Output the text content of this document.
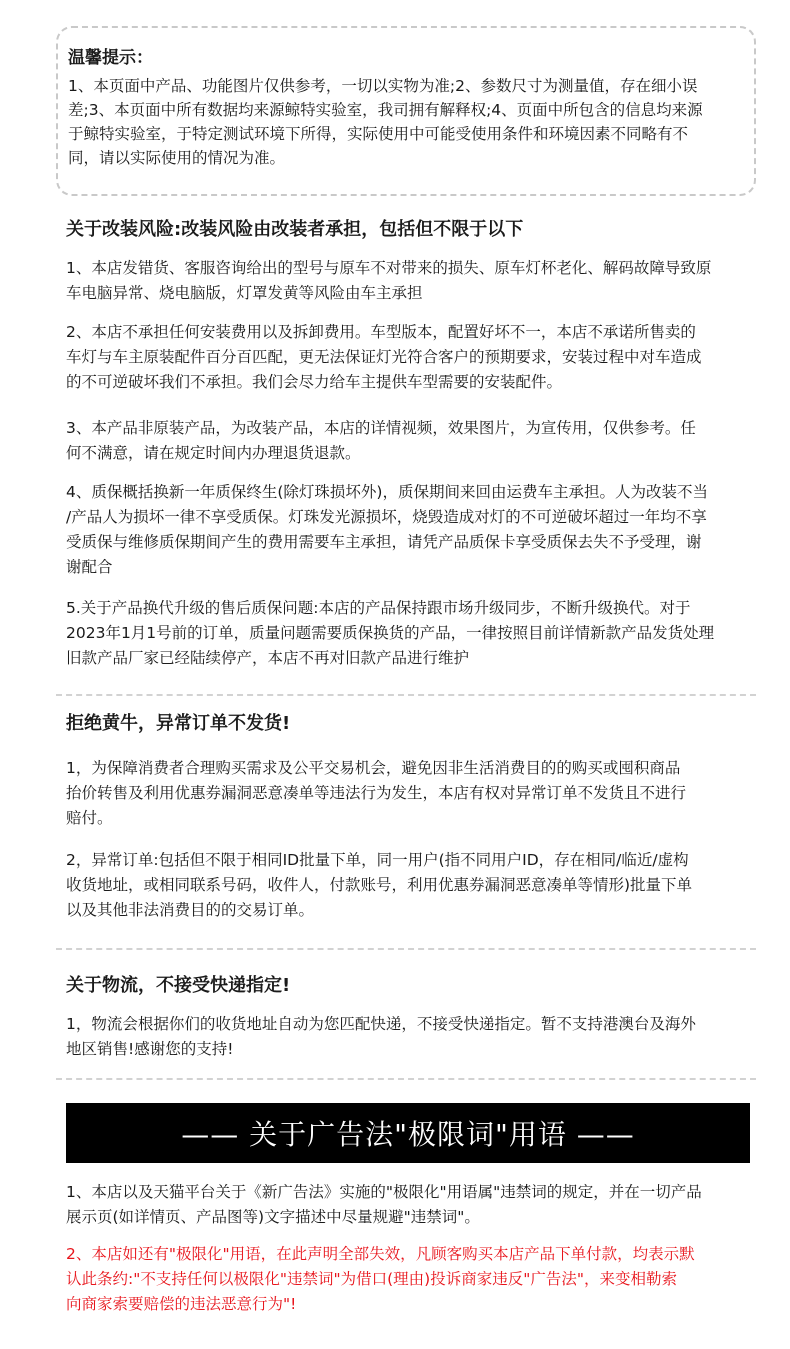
温馨提示：
1、本页面中产品、功能图片仅供参考，一切以实物为准;2、参数尺寸为测量值，存在细小误
差;3、本页面中所有数据均来源鲸特实验室，我司拥有解释权;4、页面中所包含的信息均来源
于鲸特实验室，于特定测试环境下所得，实际使用中可能受使用条件和环境因素不同略有不
同，请以实际使用的情况为准。
关于改装风险:改装风险由改装者承担，包括但不限于以下
1、本店发错货、客服咨询给出的型号与原车不对带来的损失、原车灯杯老化、解码故障导致原
车电脑异常、烧电脑版，灯罩发黄等风险由车主承担
2、本店不承担任何安装费用以及拆卸费用。车型版本，配置好坏不一，本店不承诺所售卖的
车灯与车主原装配件百分百匹配，更无法保证灯光符合客户的预期要求，安装过程中对车造成
的不可逆破坏我们不承担。我们会尽力给车主提供车型需要的安装配件。
3、本产品非原装产品，为改装产品，本店的详情视频，效果图片，为宣传用，仅供参考。任
何不满意，请在规定时间内办理退货退款。
4、质保概括换新一年质保终生(除灯珠损坏外)，质保期间来回由运费车主承担。人为改装不当
/产品人为损坏一律不享受质保。灯珠发光源损坏，烧毁造成对灯的不可逆破坏超过一年均不享
受质保与维修质保期间产生的费用需要车主承担，请凭产品质保卡享受质保去失不予受理，谢
谢配合
5.关于产品换代升级的售后质保问题:本店的产品保持跟市场升级同步，不断升级换代。对于
2023年1月1号前的订单，质量问题需要质保换货的产品，一律按照目前详情新款产品发货处理
旧款产品厂家已经陆续停产，本店不再对旧款产品进行维护
拒绝黄牛，异常订单不发货!
1，为保障消费者合理购买需求及公平交易机会，避免因非生活消费目的的购买或囤积商品
抬价转售及利用优惠券漏洞恶意凑单等违法行为发生，本店有权对异常订单不发货且不进行
赔付。
2，异常订单:包括但不限于相同ID批量下单，同一用户(指不同用户ID，存在相同/临近/虚构
收货地址，或相同联系号码，收件人，付款账号，利用优惠券漏洞恶意凑单等情形)批量下单
以及其他非法消费目的的交易订单。
关于物流，不接受快递指定!
1，物流会根据你们的收货地址自动为您匹配快递，不接受快递指定。暂不支持港澳台及海外
地区销售!感谢您的支持!
—— 关于广告法"极限词"用语 ——
1、本店以及天猫平台关于《新广告法》实施的"极限化"用语属"违禁词的规定，并在一切产品
展示页(如详情页、产品图等)文字描述中尽量规避"违禁词"。
2、本店如还有"极限化"用语，在此声明全部失效，凡顾客购买本店产品下单付款，均表示默
认此条约:"不支持任何以极限化"违禁词"为借口(理由)投诉商家违反"广告法"，来变相勒索
向商家索要赔偿的违法恶意行为"!
